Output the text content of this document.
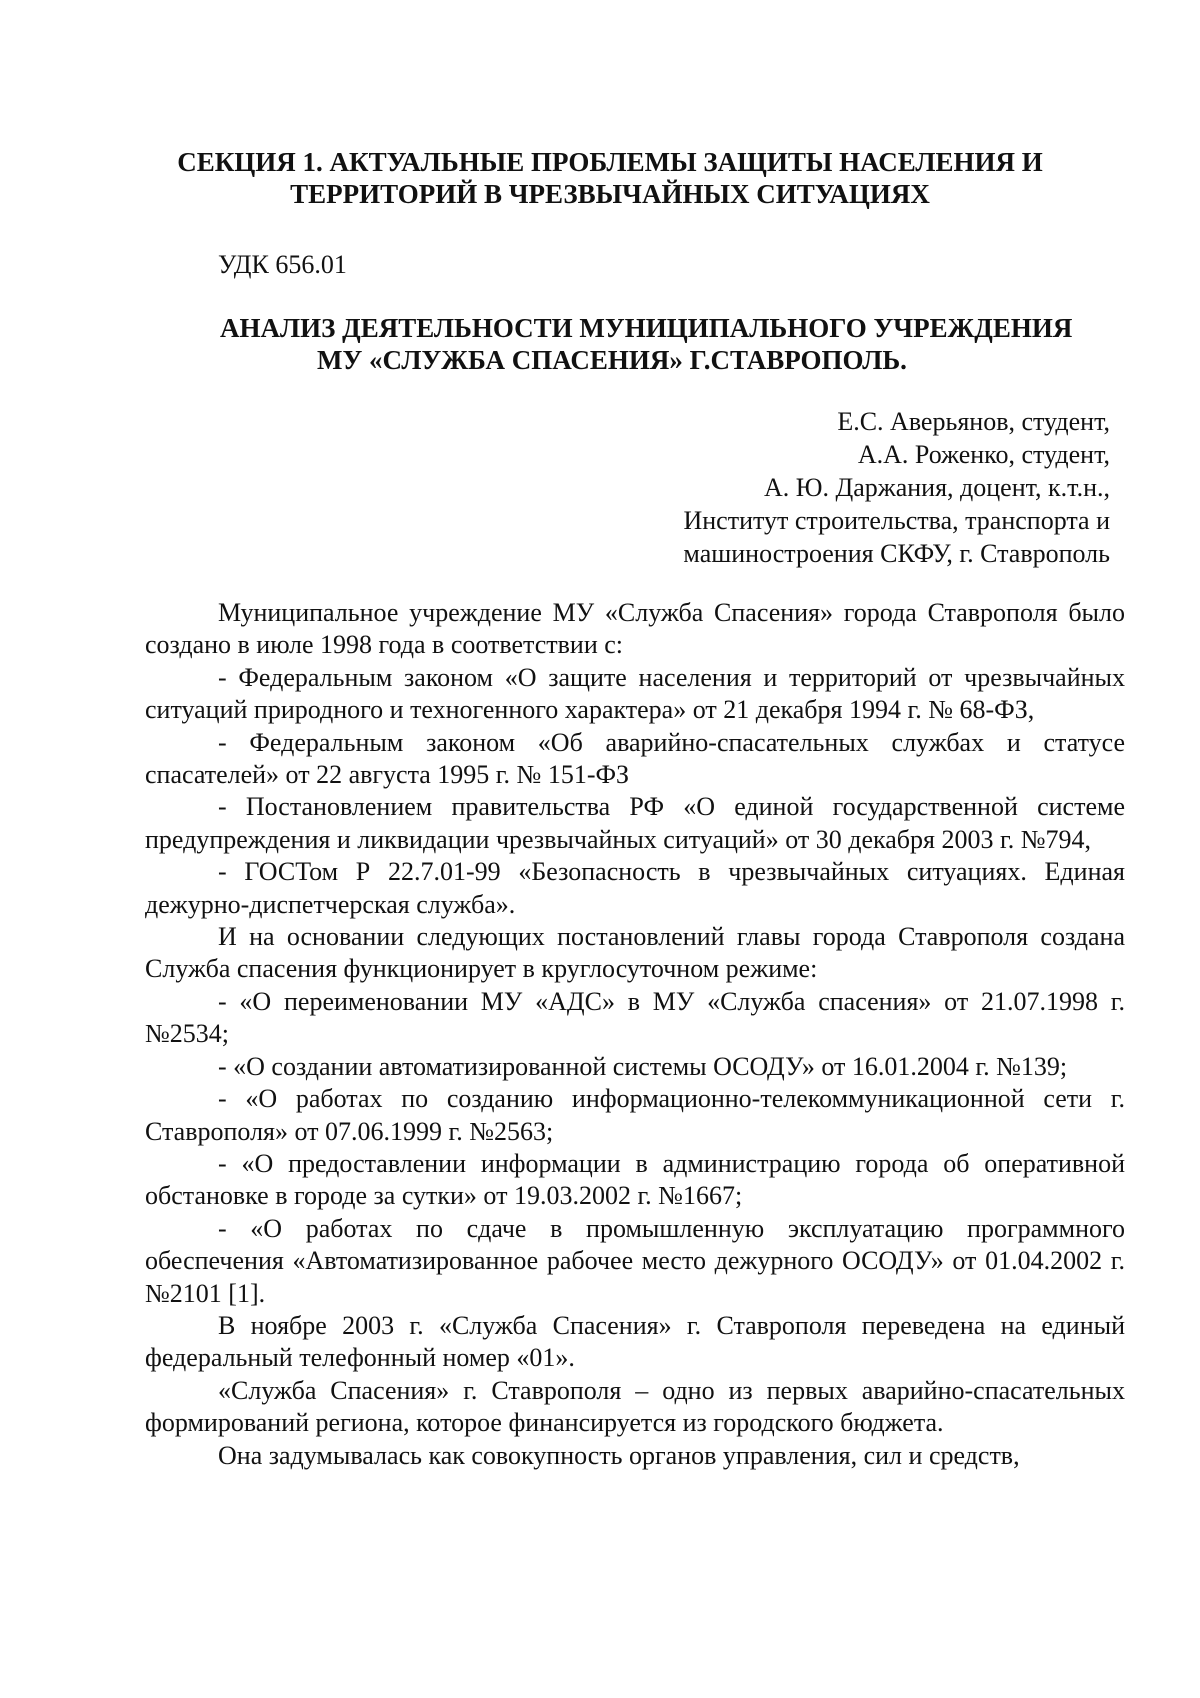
СЕКЦИЯ 1. АКТУАЛЬНЫЕ ПРОБЛЕМЫ ЗАЩИТЫ НАСЕЛЕНИЯ И ТЕРРИТОРИЙ В ЧРЕЗВЫЧАЙНЫХ СИТУАЦИЯХ
УДК 656.01
АНАЛИЗ ДЕЯТЕЛЬНОСТИ МУНИЦИПАЛЬНОГО УЧРЕЖДЕНИЯ
МУ «СЛУЖБА СПАСЕНИЯ» Г.СТАВРОПОЛЬ.
Е.С. Аверьянов, студент,
А.А. Роженко, студент,
А. Ю. Даржания, доцент, к.т.н.,
Институт строительства, транспорта и
машиностроения СКФУ, г. Ставрополь

Муниципальное учреждение МУ «Служба Спасения» города Ставрополя было создано в июле 1998 года в соответствии с:

- Федеральным законом «О защите населения и территорий от чрезвычайных ситуаций природного и техногенного характера» от 21 декабря 1994 г. № 68-ФЗ,

- Федеральным законом «Об аварийно-спасательных службах и статусе спасателей» от 22 августа 1995 г. № 151-ФЗ

- Постановлением правительства РФ «О единой государственной системе предупреждения и ликвидации чрезвычайных ситуаций» от 30 декабря 2003 г. №794,

- ГОСТом Р 22.7.01-99 «Безопасность в чрезвычайных ситуациях. Единая дежурно-диспетчерская служба».

И на основании следующих постановлений главы города Ставрополя создана Служба спасения функционирует в круглосуточном режиме:

- «О переименовании МУ «АДС» в МУ «Служба спасения» от 21.07.1998 г. №2534;

- «О создании автоматизированной системы ОСОДУ» от 16.01.2004 г. №139;

- «О работах по созданию информационно-телекоммуникационной сети г. Ставрополя» от 07.06.1999 г. №2563;

- «О предоставлении информации в администрацию города об оперативной обстановке в городе за сутки» от 19.03.2002 г. №1667;

- «О работах по сдаче в промышленную эксплуатацию программного обеспечения «Автоматизированное рабочее место дежурного ОСОДУ» от 01.04.2002 г. №2101 [1].

В ноябре 2003 г. «Служба Спасения» г. Ставрополя переведена на единый федеральный телефонный номер «01».

«Служба Спасения» г. Ставрополя – одно из первых аварийно-спасательных формирований региона, которое финансируется из городского бюджета.

Она задумывалась как совокупность органов управления, сил и средств,
